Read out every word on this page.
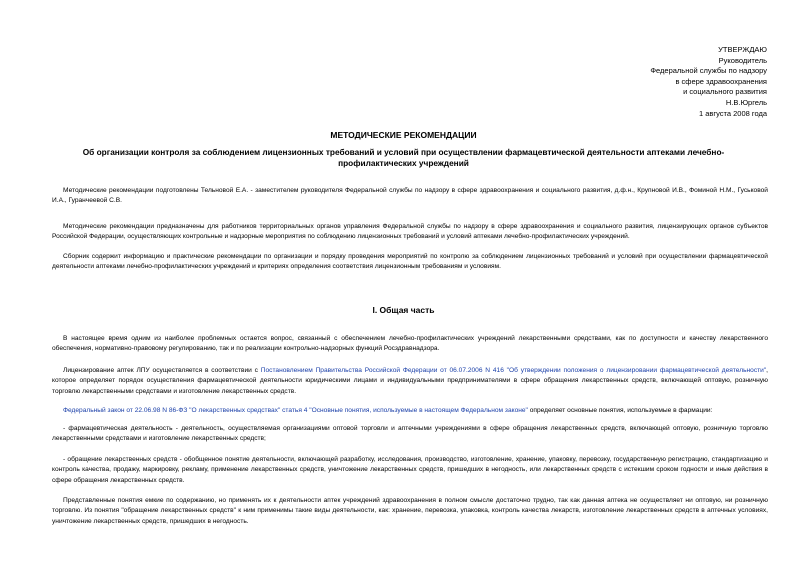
УТВЕРЖДАЮ
Руководитель
Федеральной службы по надзору
в сфере здравоохранения
и социального развития
Н.В.Юргель
1 августа 2008 года
МЕТОДИЧЕСКИЕ РЕКОМЕНДАЦИИ
Об организации контроля за соблюдением лицензионных требований и условий при осуществлении фармацевтической деятельности аптеками лечебно-профилактических учреждений
Методические рекомендации подготовлены Тельновой Е.А. - заместителем руководителя Федеральной службы по надзору в сфере здравоохранения и социального развития, д.ф.н., Крупновой И.В., Фоминой Н.М., Гуськовой И.А., Гуранчеевой С.В.
Методические рекомендации предназначены для работников территориальных органов управления Федеральной службы по надзору в сфере здравоохранения и социального развития, лицензирующих органов субъектов Российской Федерации, осуществляющих контрольные и надзорные мероприятия по соблюдению лицензионных требований и условий аптеками лечебно-профилактических учреждений.
Сборник содержит информацию и практические рекомендации по организации и порядку проведения мероприятий по контролю за соблюдением лицензионных требований и условий при осуществлении фармацевтической деятельности аптеками лечебно-профилактических учреждений и критериях определения соответствия лицензионным требованиям и условиям.
I. Общая часть
В настоящее время одним из наиболее проблемных остается вопрос, связанный с обеспечением лечебно-профилактических учреждений лекарственными средствами, как по доступности и качеству лекарственного обеспечения, нормативно-правовому регулированию, так и по реализации контрольно-надзорных функций Росздравнадзора.
Лицензирование аптек ЛПУ осуществляется в соответствии с Постановлением Правительства Российской Федерации от 06.07.2006 N 416 "Об утверждении положения о лицензировании фармацевтической деятельности", которое определяет порядок осуществления фармацевтической деятельности юридическими лицами и индивидуальными предпринимателями в сфере обращения лекарственных средств, включающей оптовую, розничную торговлю лекарственными средствами и изготовление лекарственных средств.
Федеральный закон от 22.06.98 N 86-ФЗ "О лекарственных средствах" статья 4 "Основные понятия, используемые в настоящем Федеральном законе" определяет основные понятия, используемые в фармации:
- фармацевтическая деятельность - деятельность, осуществляемая организациями оптовой торговли и аптечными учреждениями в сфере обращения лекарственных средств, включающей оптовую, розничную торговлю лекарственными средствами и изготовление лекарственных средств;
- обращение лекарственных средств - обобщенное понятие деятельности, включающей разработку, исследования, производство, изготовление, хранение, упаковку, перевозку, государственную регистрацию, стандартизацию и контроль качества, продажу, маркировку, рекламу, применение лекарственных средств, уничтожение лекарственных средств, пришедших в негодность, или лекарственных средств с истекшим сроком годности и иные действия в сфере обращения лекарственных средств.
Представленные понятия емкие по содержанию, но применять их к деятельности аптек учреждений здравоохранения в полном смысле достаточно трудно, так как данная аптека не осуществляет ни оптовую, ни розничную торговлю. Из понятия "обращение лекарственных средств" к ним применимы такие виды деятельности, как: хранение, перевозка, упаковка, контроль качества лекарств, изготовление лекарственных средств в аптечных условиях, уничтожение лекарственных средств, пришедших в негодность.
